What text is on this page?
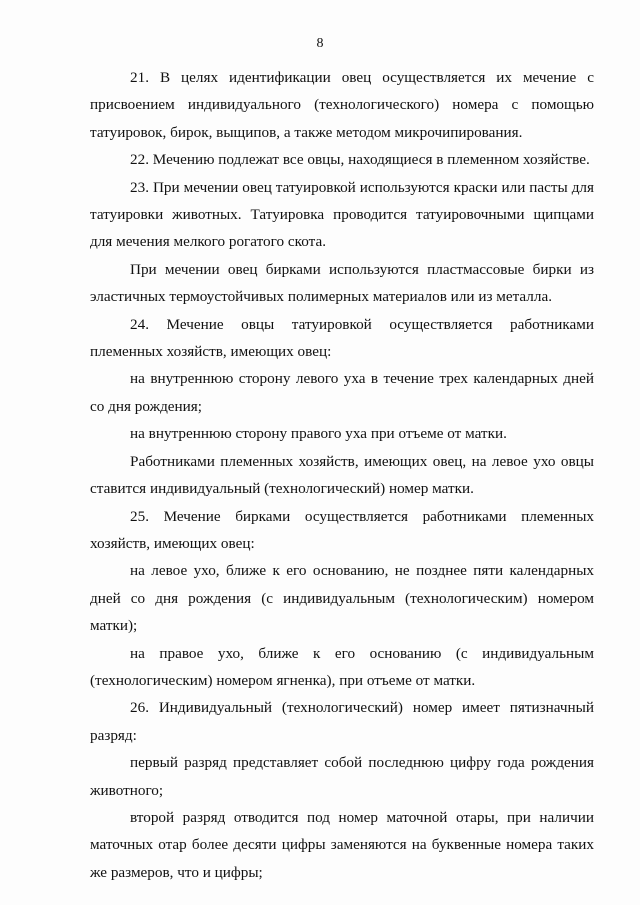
8

21. В целях идентификации овец осуществляется их мечение с присвоением индивидуального (технологического) номера с помощью татуировок, бирок, выщипов, а также методом микрочипирования.

22. Мечению подлежат все овцы, находящиеся в племенном хозяйстве.

23. При мечении овец татуировкой используются краски или пасты для татуировки животных. Татуировка проводится татуировочными щипцами для мечения мелкого рогатого скота.

При мечении овец бирками используются пластмассовые бирки из эластичных термоустойчивых полимерных материалов или из металла.

24. Мечение овцы татуировкой осуществляется работниками племенных хозяйств, имеющих овец:

на внутреннюю сторону левого уха в течение трех календарных дней со дня рождения;

на внутреннюю сторону правого уха при отъеме от матки.

Работниками племенных хозяйств, имеющих овец, на левое ухо овцы ставится индивидуальный (технологический) номер матки.

25. Мечение бирками осуществляется работниками племенных хозяйств, имеющих овец:

на левое ухо, ближе к его основанию, не позднее пяти календарных дней со дня рождения (с индивидуальным (технологическим) номером матки);

на правое ухо, ближе к его основанию (с индивидуальным (технологическим) номером ягненка), при отъеме от матки.

26. Индивидуальный (технологический) номер имеет пятизначный разряд:

первый разряд представляет собой последнюю цифру года рождения животного;

второй разряд отводится под номер маточной отары, при наличии маточных отар более десяти цифры заменяются на буквенные номера таких же размеров, что и цифры;
